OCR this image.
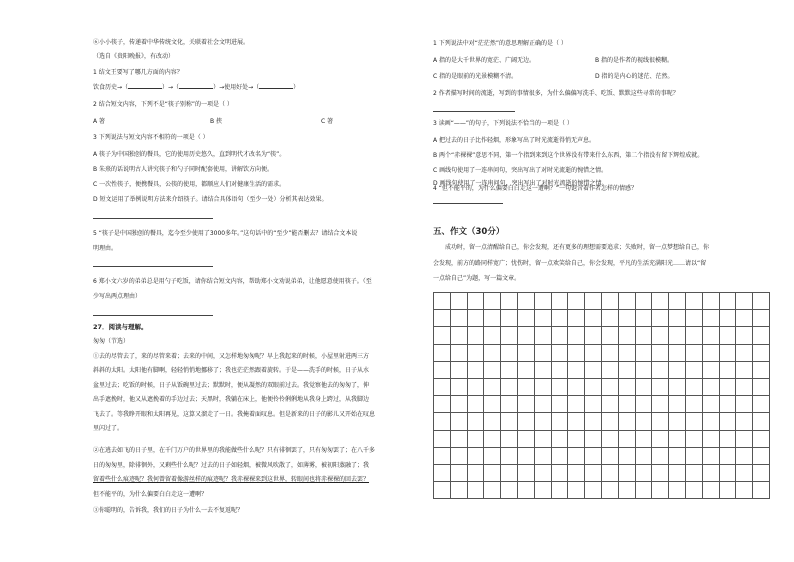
⑥小小筷子，传递着中华传统文化，关联着社会文明进展。
（选自《贵阳晚报》，有改动）
1 结文王要写了哪几方面的内容？
饮食历史→（	）→（	）→使用好处→（	）
2 结合短文内容，下列不是“筷子别称”的一项是（ ）
A 箸	B 挟	C 箸
3 下列说法与短文内容不相符的一项是（ ）
A 筷子为中国独创的餐具，它的使用历史悠久，直到明代才改名为“筷”。
B 朱熹的话说明古人讲究筷子和勺子同时配套使用，讲解饮方向便。
C 一次性筷子，便携餐具，公筷的使用，都顺应人们对健康生活的需求。
D 短文运用了举例说明方法来介绍筷子。请结合具体语句（至少一处）分析其表达效果。
5 “筷子是中国独创的餐具，迄今至少使用了3000多年。”这句话中的“至少”能否删去？请结合文本说
明理由。
6 郑小文六岁的弟弟总是用勺子吃饭，请你结合短文内容，帮助郑小文劝说弟弟，让他愿意使用筷子。（至
少写出两点理由）
27．阅读与理解。
匆匆（节选）
①去的尽管去了，来的尽管来着；去来的中间，又怎样地匆匆呢？早上我起来的时候，小屋里射进两三方
斜斜的太阳。太阳他有脚啊，轻轻悄悄地挪移了；我也茫茫然跟着旋转。于是——洗手的时候，日子从水
盆里过去；吃饭的时候，日子从饭碗里过去；默默时，便从凝然的双眼前过去。我觉察他去的匆匆了，伸
出手遮挽时，他又从遮挽着的手边过去；天黑时，我躺在床上，他便伶伶俐俐地从我身上跨过，从我脚边
飞去了。等我睁开眼和太阳再见，这算又溜走了一日。我掩着面叹息。但是新来的日子的影儿又开始在叹息
里闪过了。
②在逃去如飞的日子里，在千门万户的世界里的我能做些什么呢？只有徘徊罢了，只有匆匆罢了；在八千多
日的匆匆里，除徘徊外，又剩些什么呢？过去的日子如轻烟，被微风吹散了，如薄雾，被初阳蒸融了；我
留着些什么痕迹呢？我何曾留着像游丝样的痕迹呢？我赤裸裸来到这世界，转眼间也将赤裸裸的回去罢？
但不能平的，为什么偏要白白走这一遭啊？
③你聪明的，告诉我，我们的日子为什么一去不复返呢？
1 下列说法中对“茫茫然”的意思理解正确的是（ ）
A 指的是大千世界的宽茫、广阔无边。	B 指的是作者的视线很模糊。
C 指的是眼前的光景模糊不清。	D 指的是内心的迷茫、茫然。
2 作者描写时间的流逝，写到的事情很多，为什么偏偏写洗手、吃饭、默默这些寻常的事呢？
3 读画“——”的句子，下列说法不恰当的一项是（ ）
A 把过去的日子比作轻烟，形象写出了时光流逝得悄无声息。
B 两个“赤裸裸”意思不同，第一个指到来到这个世界没有带来什么东西，第二个指没有留下辉煌成就。
C 画线句使用了一连串问句，突出写出了对时光流逝的惋惜之情。
D 画线句使用了一连串问句，突出写出了对时光流逝的惋惜之情。
4 “但不能平的，为什么偏要白白走这一遭啊？”一句饱含着作者怎样的情感？
五、作文（30分）
成功时，留一点清醒给自己，你会发现，还有更多的理想需要追求；失败时，留一点梦想给自己，你
会发现，前方的路同样宽广；忧伤时，留一点欢笑给自己，你会发现，平凡的生活充满阳光……请以“留
一点给自己”为题，写一篇文章。
